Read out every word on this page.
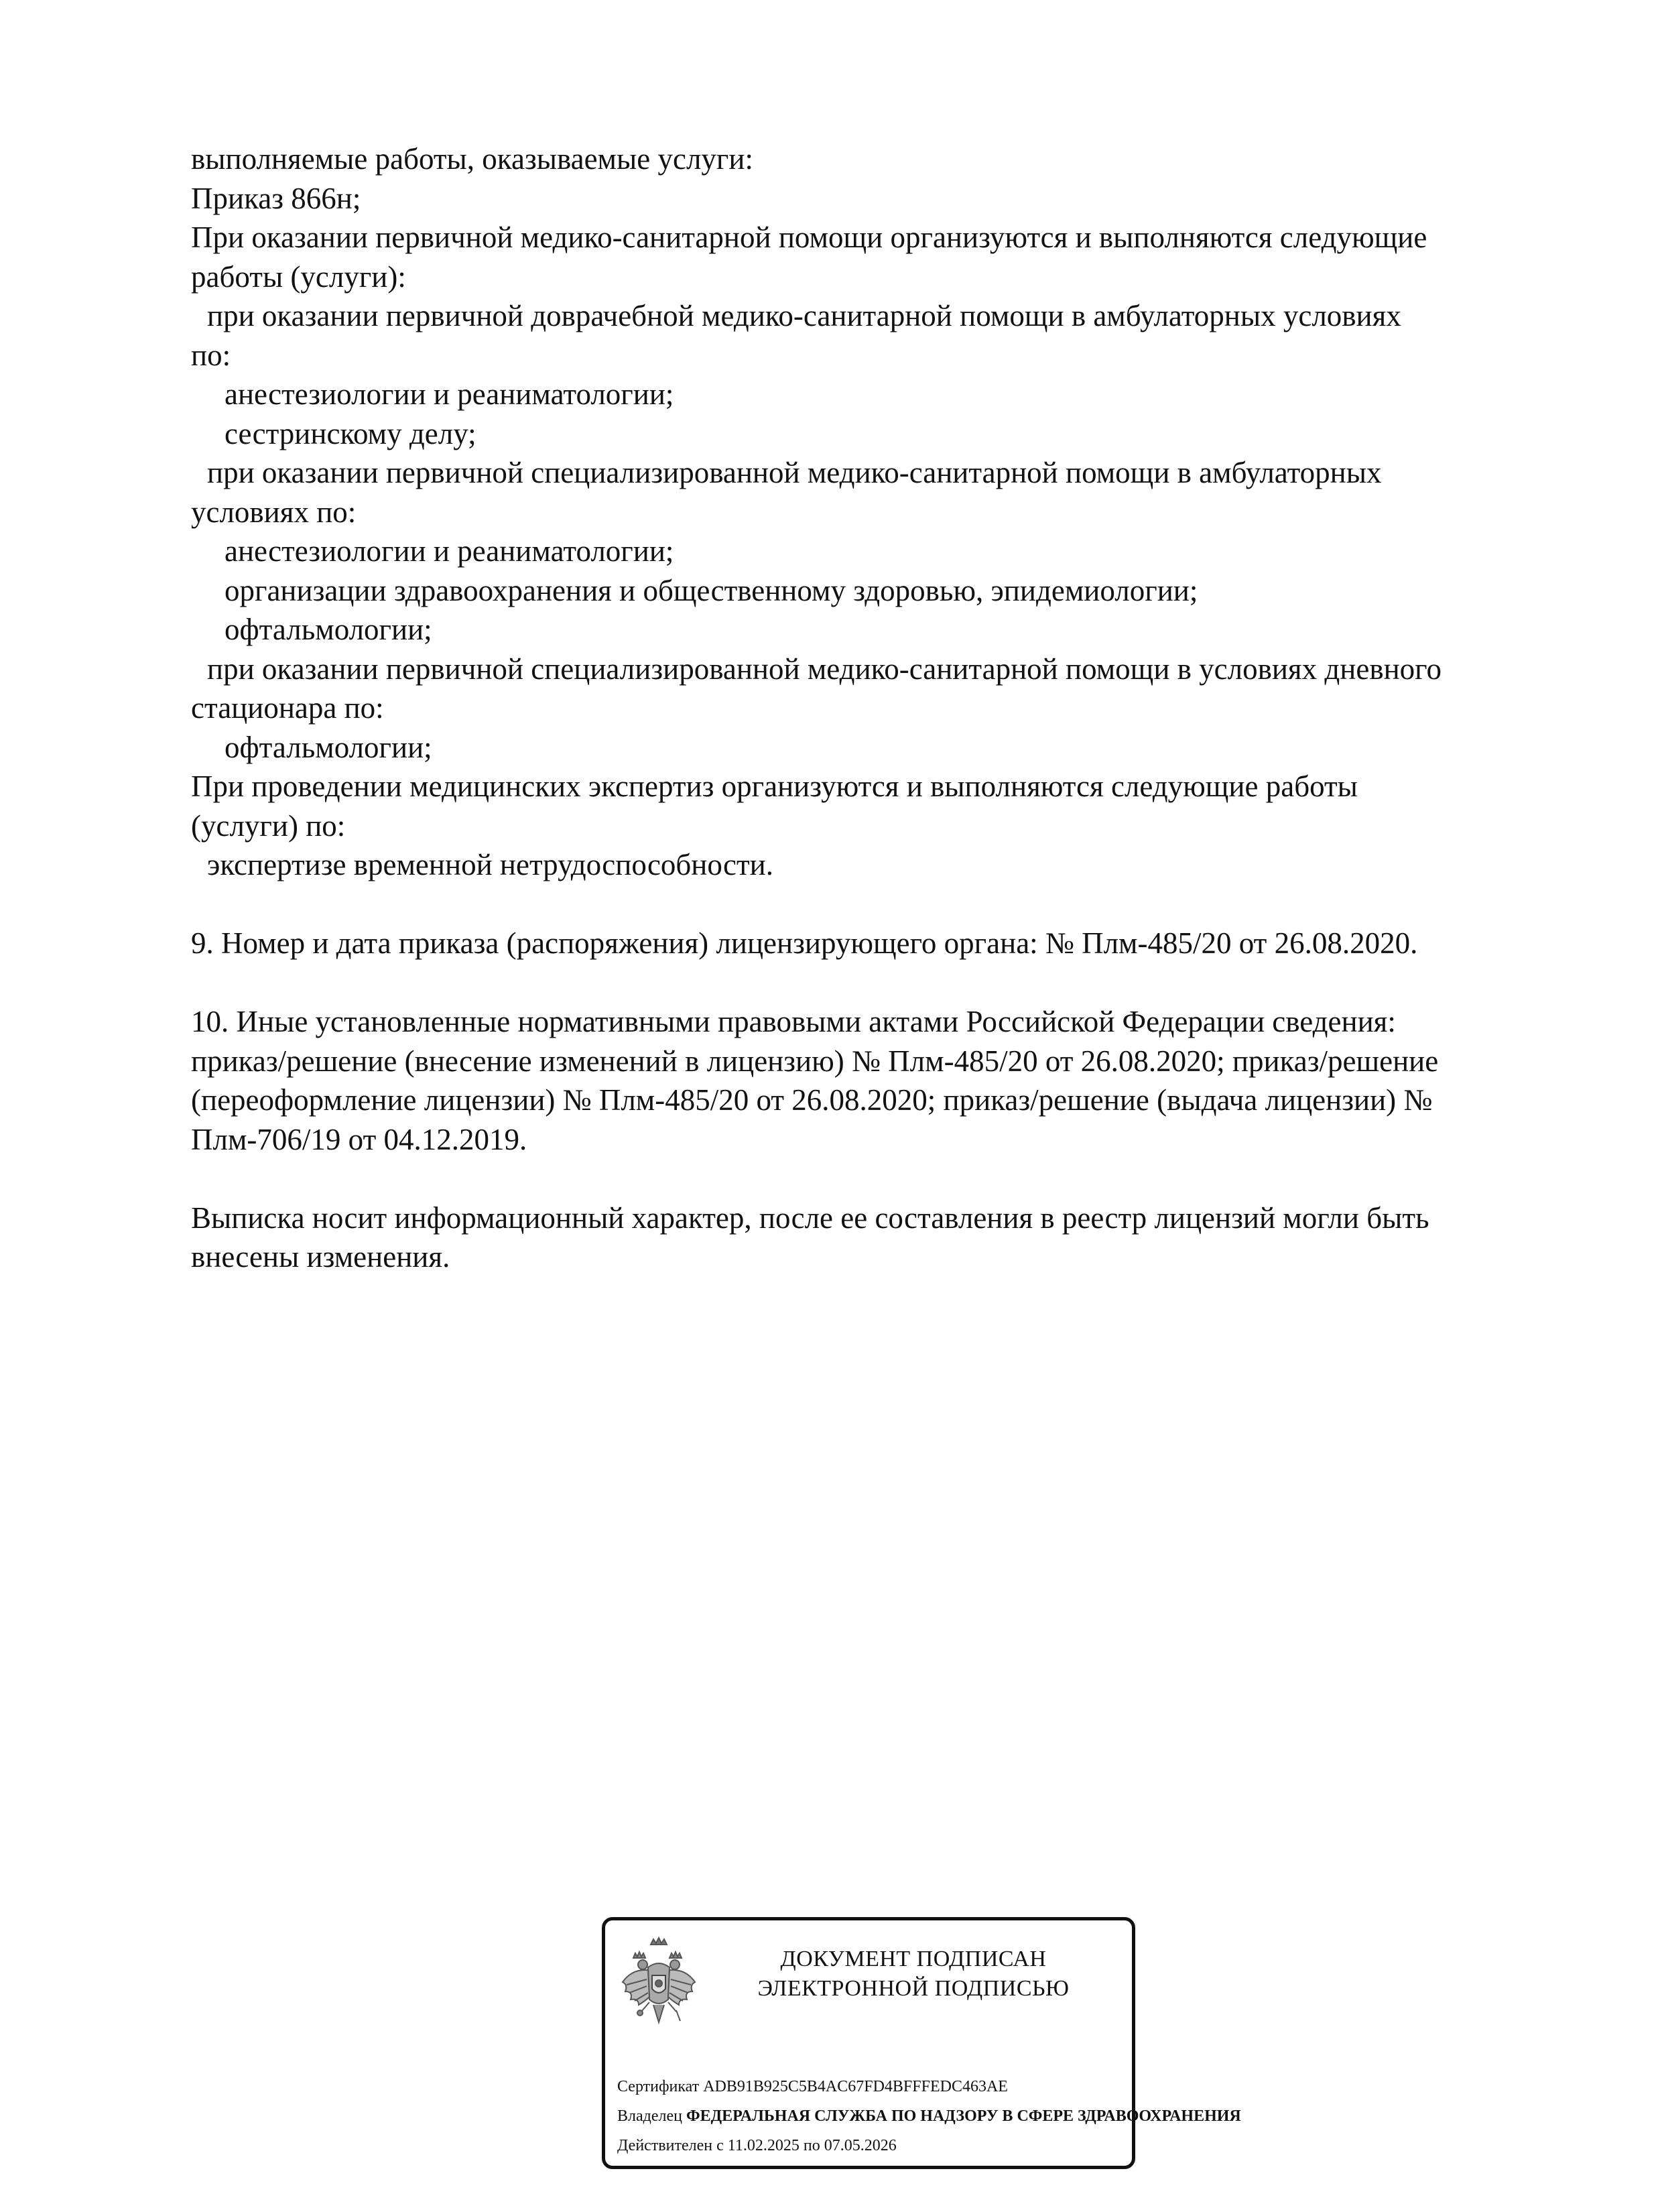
выполняемые работы, оказываемые услуги:
Приказ 866н;
При оказании первичной медико-санитарной помощи организуются и выполняются следующие
работы (услуги):
при оказании первичной доврачебной медико-санитарной помощи в амбулаторных условиях
по:
анестезиологии и реаниматологии;
сестринскому делу;
при оказании первичной специализированной медико-санитарной помощи в амбулаторных
условиях по:
анестезиологии и реаниматологии;
организации здравоохранения и общественному здоровью, эпидемиологии;
офтальмологии;
при оказании первичной специализированной медико-санитарной помощи в условиях дневного
стационара по:
офтальмологии;
При проведении медицинских экспертиз организуются и выполняются следующие работы
(услуги) по:
экспертизе временной нетрудоспособности.
9. Номер и дата приказа (распоряжения) лицензирующего органа: № Плм-485/20 от 26.08.2020.
10. Иные установленные нормативными правовыми актами Российской Федерации сведения:
приказ/решение (внесение изменений в лицензию) № Плм-485/20 от 26.08.2020; приказ/решение
(переоформление лицензии) № Плм-485/20 от 26.08.2020; приказ/решение (выдача лицензии) №
Плм-706/19 от 04.12.2019.
Выписка носит информационный характер, после ее составления в реестр лицензий могли быть
внесены изменения.
ДОКУМЕНТ ПОДПИСАН
ЭЛЕКТРОННОЙ ПОДПИСЬЮ
Сертификат ADB91B925C5B4AC67FD4BFFFEDC463AE
Владелец ФЕДЕРАЛЬНАЯ СЛУЖБА ПО НАДЗОРУ В СФЕРЕ ЗДРАВООХРАНЕНИЯ
Действителен с 11.02.2025 по 07.05.2026
